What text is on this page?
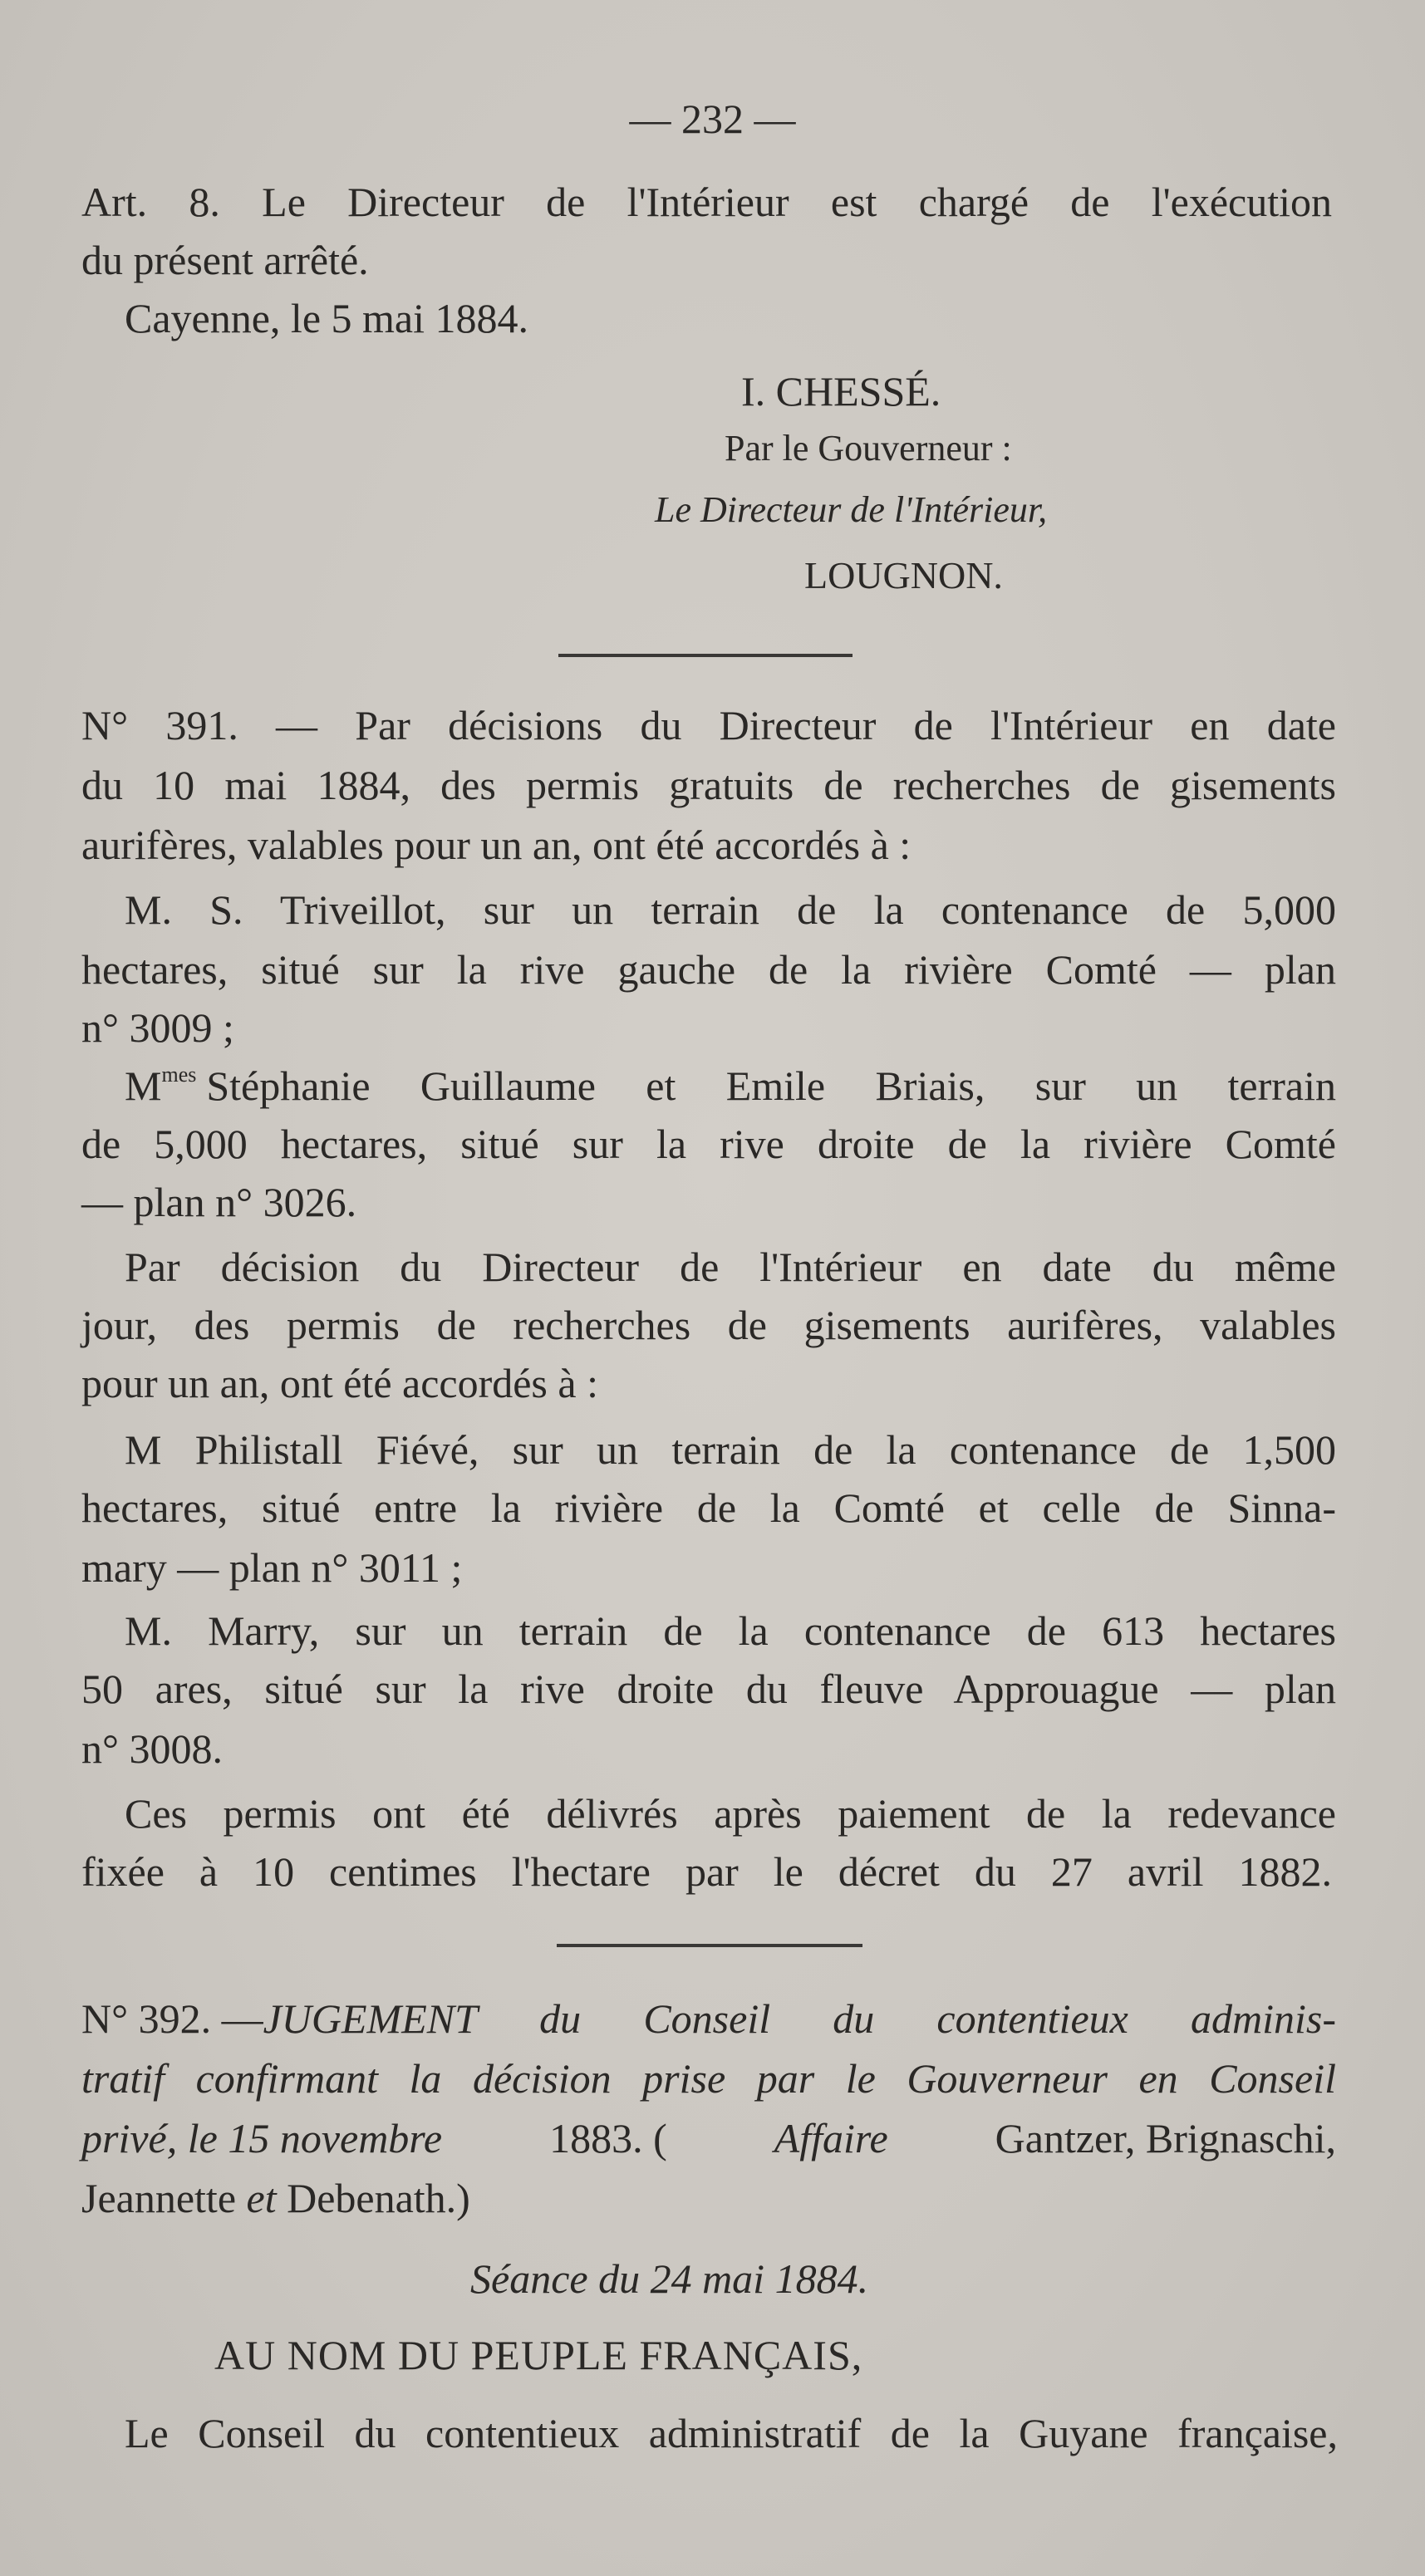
— 232 —
Art. 8. Le Directeur de l'Intérieur est chargé de l'exécution
du présent arrêté.
Cayenne, le 5 mai 1884.
I. CHESSÉ.
Par le Gouverneur :
Le Directeur de l'Intérieur,
LOUGNON.
N° 391. — Par décisions du Directeur de l'Intérieur en date
du 10 mai 1884, des permis gratuits de recherches de gisements
aurifères, valables pour un an, ont été accordés à :
M. S. Triveillot, sur un terrain de la contenance de 5,000
hectares, situé sur la rive gauche de la rivière Comté — plan
n° 3009 ;
$M^{mes}$ Stéphanie Guillaume et Emile Briais, sur un terrain
de 5,000 hectares, situé sur la rive droite de la rivière Comté
— plan n° 3026.
Par décision du Directeur de l'Intérieur en date du même
jour, des permis de recherches de gisements aurifères, valables
pour un an, ont été accordés à :
M Philistall Fiévé, sur un terrain de la contenance de 1,500
hectares, situé entre la rivière de la Comté et celle de Sinna-
mary — plan n° 3011 ;
M. Marry, sur un terrain de la contenance de 613 hectares
50 ares, situé sur la rive droite du fleuve Approuague — plan
n° 3008.
Ces permis ont été délivrés après paiement de la redevance
fixée à 10 centimes l'hectare par le décret du 27 avril 1882.
N° 392. — JUGEMENT du Conseil du contentieux adminis-
tratif confirmant la décision prise par le Gouverneur en Conseil
privé, le 15 novembre	1883. (	Affaire	Gantzer, Brignaschi,
Jeannette et Debenath.)
Séance du 24 mai 1884.
AU NOM DU PEUPLE FRANÇAIS,
Le Conseil du contentieux administratif de la Guyane française,
